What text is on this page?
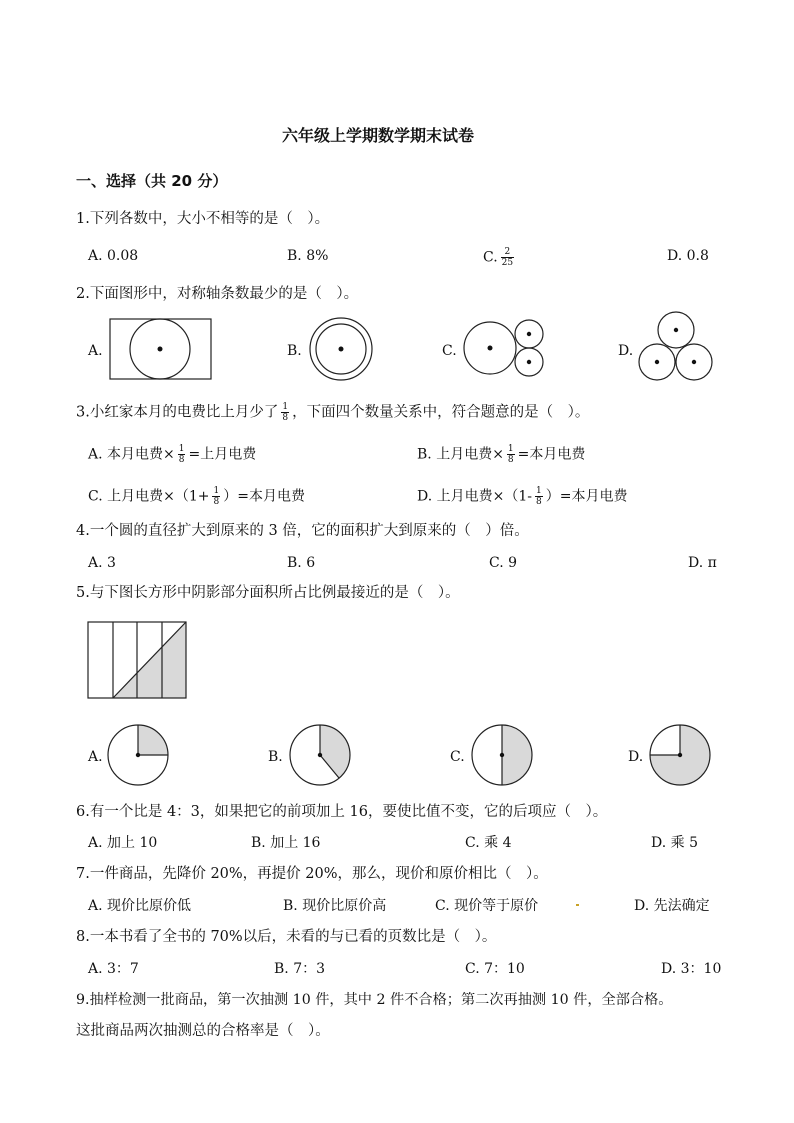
六年级上学期数学期末试卷
一、选择（共 20 分）
1.下列各数中，大小不相等的是（　）。
A. 0.08	B. 8%	C. $\frac{2}{25}$	D. 0.8
2.下面图形中，对称轴条数最少的是（　）。
A.	B.	C.	D.
3.小红家本月的电费比上月少了 $\frac{1}{8}$ ，下面四个数量关系中，符合题意的是（　）。
A. 本月电费× $\frac{1}{8}$ =上月电费	B. 上月电费× $\frac{1}{8}$ =本月电费
C. 上月电费$\times(1+ \frac{1}{8}$ ）=本月电费	D. 上月电费$\times(1- \frac{1}{8}$ ）=本月电费
4.一个圆的直径扩大到原来的 3 倍，它的面积扩大到原来的（　）倍。
A. 3	B. 6	C. 9	D. π
5.与下图长方形中阴影部分面积所占比例最接近的是（　）。
A.	B.	C.	D.
6.有一个比是 4：3，如果把它的前项加上 16，要使比值不变，它的后项应（　）。
A. 加上 10	B. 加上 16	C. 乘 4	D. 乘 5
7.一件商品，先降价 20%，再提价 20%，那么，现价和原价相比（　）。
A. 现价比原价低	B. 现价比原价高	C. 现价等于原价	D. 先法确定
8.一本书看了全书的 70%以后，未看的与已看的页数比是（　）。
A. 3：7	B. 7：3	C. 7：10	D. 3：10
9.抽样检测一批商品，第一次抽测 10 件，其中 2 件不合格；第二次再抽测 10 件，全部合格。
这批商品两次抽测总的合格率是（　）。
